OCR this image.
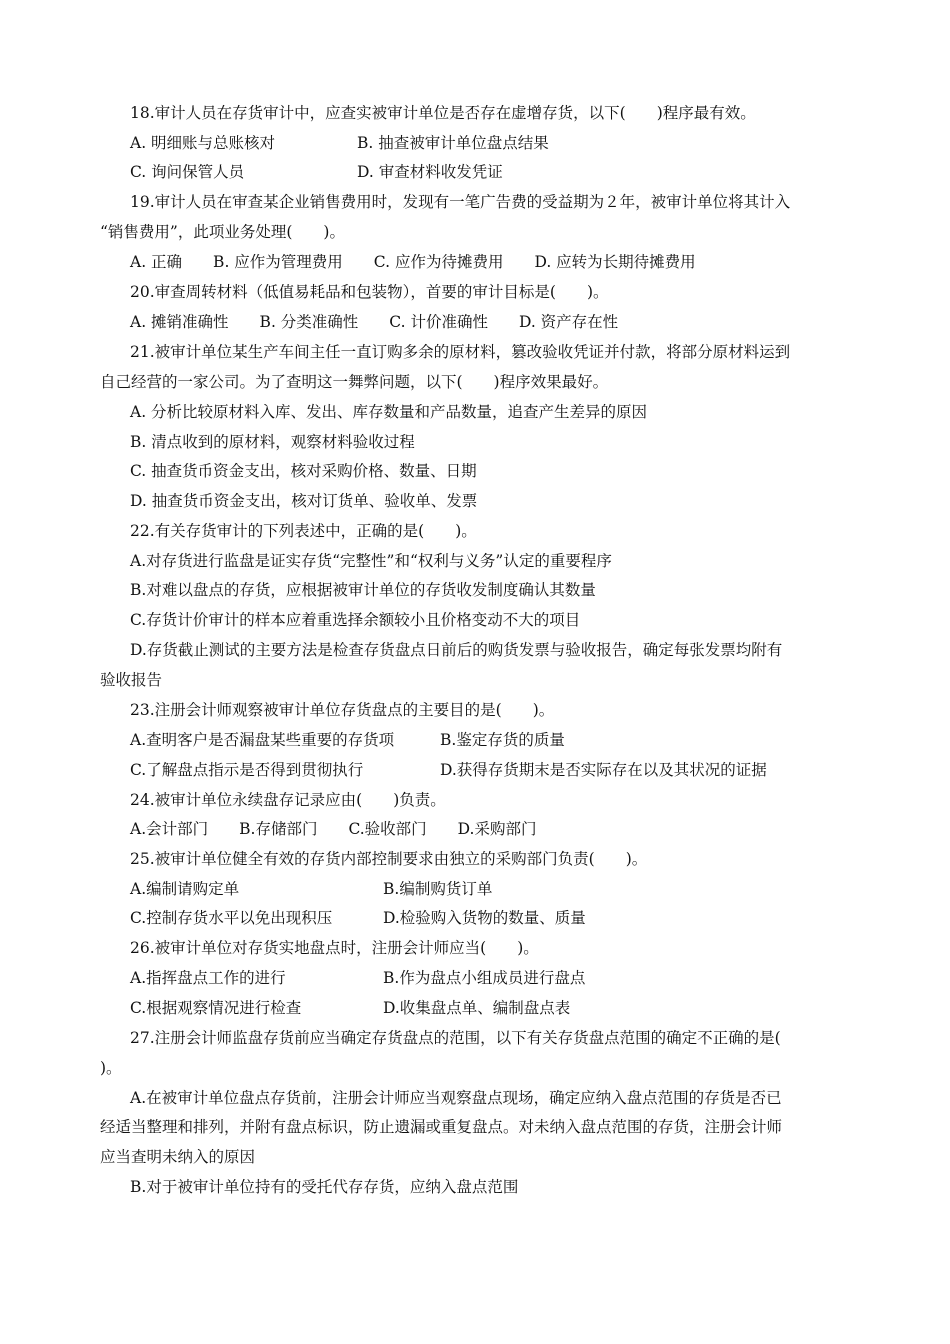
18.审计人员在存货审计中，应查实被审计单位是否存在虚增存货，以下(　　)程序最有效。
A. 明细账与总账核对	B. 抽查被审计单位盘点结果
C. 询问保管人员	D. 审查材料收发凭证
19.审计人员在审查某企业销售费用时，发现有一笔广告费的受益期为２年，被审计单位将其计入
“销售费用”，此项业务处理(　　)。
A. 正确　　B. 应作为管理费用　　C. 应作为待摊费用　　D. 应转为长期待摊费用
20.审查周转材料（低值易耗品和包装物），首要的审计目标是(　　)。
A. 摊销准确性　　B. 分类准确性　　C. 计价准确性　　D. 资产存在性
21.被审计单位某生产车间主任一直订购多余的原材料，篡改验收凭证并付款，将部分原材料运到
自己经营的一家公司。为了查明这一舞弊问题，以下(　　)程序效果最好。
A. 分析比较原材料入库、发出、库存数量和产品数量，追查产生差异的原因
B. 清点收到的原材料，观察材料验收过程
C. 抽查货币资金支出，核对采购价格、数量、日期
D. 抽查货币资金支出，核对订货单、验收单、发票
22.有关存货审计的下列表述中，正确的是(　　)。
A.对存货进行监盘是证实存货“完整性”和“权利与义务”认定的重要程序
B.对难以盘点的存货，应根据被审计单位的存货收发制度确认其数量
C.存货计价审计的样本应着重选择余额较小且价格变动不大的项目
D.存货截止测试的主要方法是检查存货盘点日前后的购货发票与验收报告，确定每张发票均附有
验收报告
23.注册会计师观察被审计单位存货盘点的主要目的是(　　)。
A.查明客户是否漏盘某些重要的存货项	B.鉴定存货的质量
C.了解盘点指示是否得到贯彻执行	D.获得存货期末是否实际存在以及其状况的证据
24.被审计单位永续盘存记录应由(　　)负责。
A.会计部门　　B.存储部门　　C.验收部门　　D.采购部门
25.被审计单位健全有效的存货内部控制要求由独立的采购部门负责(　　)。
A.编制请购定单	B.编制购货订单
C.控制存货水平以免出现积压	D.检验购入货物的数量、质量
26.被审计单位对存货实地盘点时，注册会计师应当(　　)。
A.指挥盘点工作的进行	B.作为盘点小组成员进行盘点
C.根据观察情况进行检查	D.收集盘点单、编制盘点表
27.注册会计师监盘存货前应当确定存货盘点的范围，以下有关存货盘点范围的确定不正确的是(
)。
A.在被审计单位盘点存货前，注册会计师应当观察盘点现场，确定应纳入盘点范围的存货是否已
经适当整理和排列，并附有盘点标识，防止遗漏或重复盘点。对未纳入盘点范围的存货，注册会计师
应当查明未纳入的原因
B.对于被审计单位持有的受托代存存货，应纳入盘点范围
